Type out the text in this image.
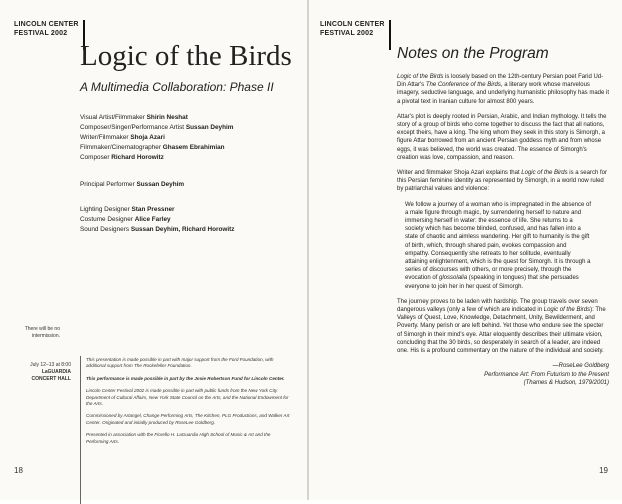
LINCOLN CENTER
FESTIVAL 2002
Logic of the Birds
A Multimedia Collaboration: Phase II
Visual Artist/Filmmaker Shirin Neshat
Composer/Singer/Performance Artist Sussan Deyhim
Writer/Filmmaker Shoja Azari
Filmmaker/Cinematographer Ghasem Ebrahimian
Composer Richard Horowitz
Principal Performer Sussan Deyhim
Lighting Designer Stan Pressner
Costume Designer Alice Farley
Sound Designers Sussan Deyhim, Richard Horowitz
There will be no
intermission.
July 12–13 at 8:00
LaGUARDIA
CONCERT HALL

This presentation is made possible in part with major support from the Ford Foundation, with additional support from The Rockefeller Foundation.

This performance is made possible in part by the Josie Robertson Fund for Lincoln Center.

Lincoln Center Festival 2002 is made possible in part with public funds from the New York City Department of Cultural Affairs, New York State Council on the Arts, and the National Endowment for the Arts.

Commissioned by Artangel, Change Performing Arts, The Kitchen, PLG Productions, and Walker Art Center. Originated and initially produced by RoseLee Goldberg.

Presented in association with the Fiorello H. LaGuardia High School of Music & Art and the Performing Arts.

18
LINCOLN CENTER
FESTIVAL 2002
Notes on the Program

Logic of the Birds is loosely based on the 12th-century Persian poet Farid Ud-Din Attar's The Conference of the Birds, a literary work whose marvelous imagery, seductive language, and underlying humanistic philosophy has made it a pivotal text in Iranian culture for almost 800 years.

Attar's plot is deeply rooted in Persian, Arabic, and Indian mythology. It tells the story of a group of birds who come together to discuss the fact that all nations, except theirs, have a king. The king whom they seek in this story is Simorgh, a figure Attar borrowed from an ancient Persian goddess myth and from whose eggs, it was believed, the world was created. The essence of Simorgh's creation was love, compassion, and reason.

Writer and filmmaker Shoja Azari explains that Logic of the Birds is a search for this Persian feminine identity as represented by Simorgh, in a world now ruled by patriarchal values and violence:

We follow a journey of a woman who is impregnated in the absence of a male figure through magic, by surrendering herself to nature and immersing herself in water: the essence of life. She returns to a society which has become blinded, confused, and has fallen into a state of chaotic and aimless wandering. Her gift to humanity is the gift of birth, which, through shared pain, evokes compassion and empathy. Consequently she retreats to her solitude, eventually attaining enlightenment, which is the quest for Simorgh. It is through a series of discourses with others, or more precisely, through the evocation of glossolalia (speaking in tongues) that she persuades everyone to join her in her quest of Simorgh.

The journey proves to be laden with hardship. The group travels over seven dangerous valleys (only a few of which are indicated in Logic of the Birds): The Valleys of Quest, Love, Knowledge, Detachment, Unity, Bewilderment, and Poverty. Many perish or are left behind. Yet those who endure see the specter of Simorgh in their mind's eye. Attar eloquently describes their ultimate vision, concluding that the 30 birds, so desperately in search of a leader, are indeed one. His is a profound commentary on the nature of the individual and society.

—RoseLee Goldberg

Performance Art: From Futurism to the Present

(Thames & Hudson, 1979/2001)

19
